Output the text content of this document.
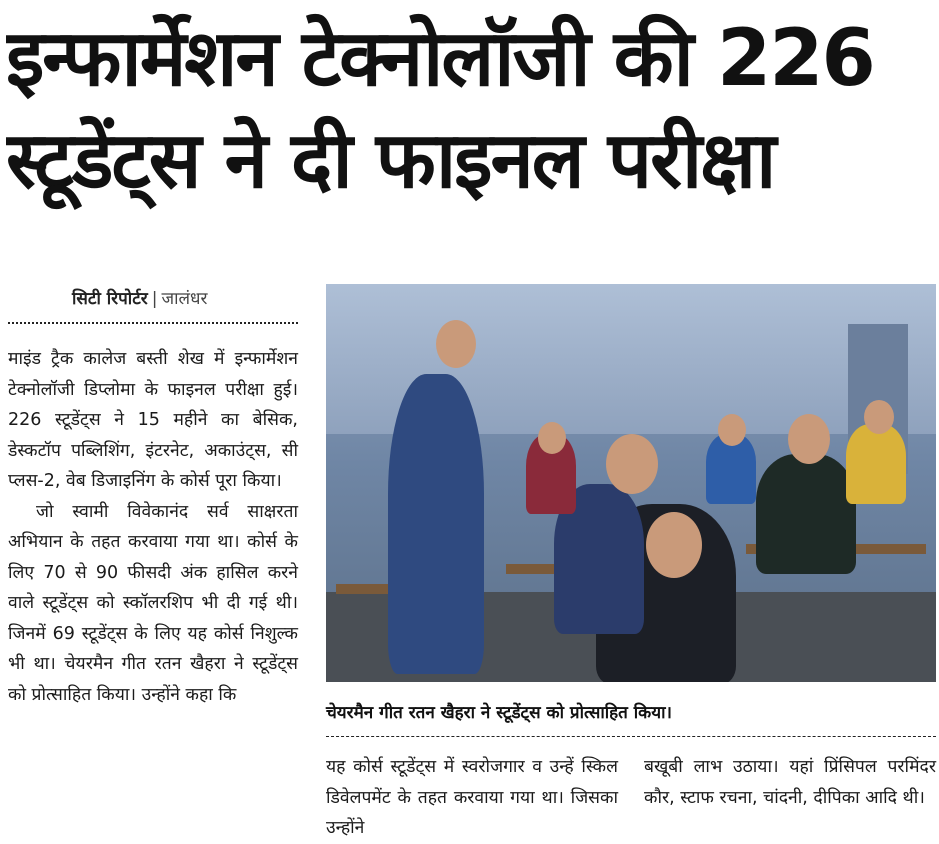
इन्फार्मेशन टेक्नोलॉजी की 226
स्टूडेंट्स ने दी फाइनल परीक्षा
सिटी रिपोर्टर | जालंधर

माइंड ट्रैक कालेज बस्ती शेख में इन्फार्मेशन टेक्नोलॉजी डिप्लोमा के फाइनल परीक्षा हुई। 226 स्टूडेंट्स ने 15 महीने का बेसिक, डेस्कटॉप पब्लिशिंग, इंटरनेट, अकाउंट्स, सी प्लस-2, वेब डिजाइनिंग के कोर्स पूरा किया।

जो स्वामी विवेकानंद सर्व साक्षरता अभियान के तहत करवाया गया था। कोर्स के लिए 70 से 90 फीसदी अंक हासिल करने वाले स्टूडेंट्स को स्कॉलरशिप भी दी गई थी। जिनमें 69 स्टूडेंट्स के लिए यह कोर्स निशुल्क भी था। चेयरमैन गीत रतन खैहरा ने स्टूडेंट्स को प्रोत्साहित किया। उन्होंने कहा कि

चेयरमैन गीत रतन खैहरा ने स्टूडेंट्स को प्रोत्साहित किया।

यह कोर्स स्टूडेंट्स में स्वरोजगार व उन्हें स्किल डिवेलपमेंट के तहत करवाया गया था। जिसका उन्होंने

बखूबी लाभ उठाया। यहां प्रिंसिपल परमिंदर कौर, स्टाफ रचना, चांदनी, दीपिका आदि थी।
